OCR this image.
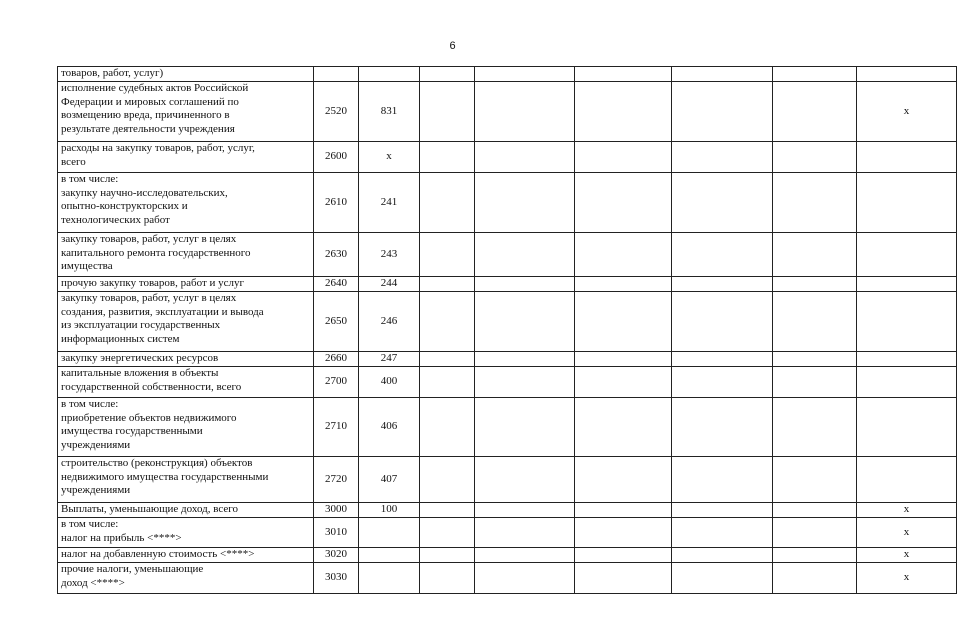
6
товаров, работ, услуг)								
исполнение судебных актов Российской
Федерации и мировых соглашений по
возмещению вреда, причиненного в
результате деятельности учреждения	2520	831						x
расходы на закупку товаров, работ, услуг,
всего	2600	x						
в том числе:
закупку научно-исследовательских,
опытно-конструкторских и
технологических работ	2610	241						
закупку товаров, работ, услуг в целях
капитального ремонта государственного
имущества	2630	243						
прочую закупку товаров, работ и услуг	2640	244						
закупку товаров, работ, услуг в целях
создания, развития, эксплуатации и вывода
из эксплуатации государственных
информационных систем	2650	246						
закупку энергетических ресурсов	2660	247						
капитальные вложения в объекты
государственной собственности, всего	2700	400						
в том числе:
приобретение объектов недвижимого
имущества государственными
учреждениями	2710	406						
строительство (реконструкция) объектов
недвижимого имущества государственными
учреждениями	2720	407						
Выплаты, уменьшающие доход, всего	3000	100						x
в том числе:
налог на прибыль <****>	3010							x
налог на добавленную стоимость <****>	3020							x
прочие налоги, уменьшающие
доход <****>	3030							x
